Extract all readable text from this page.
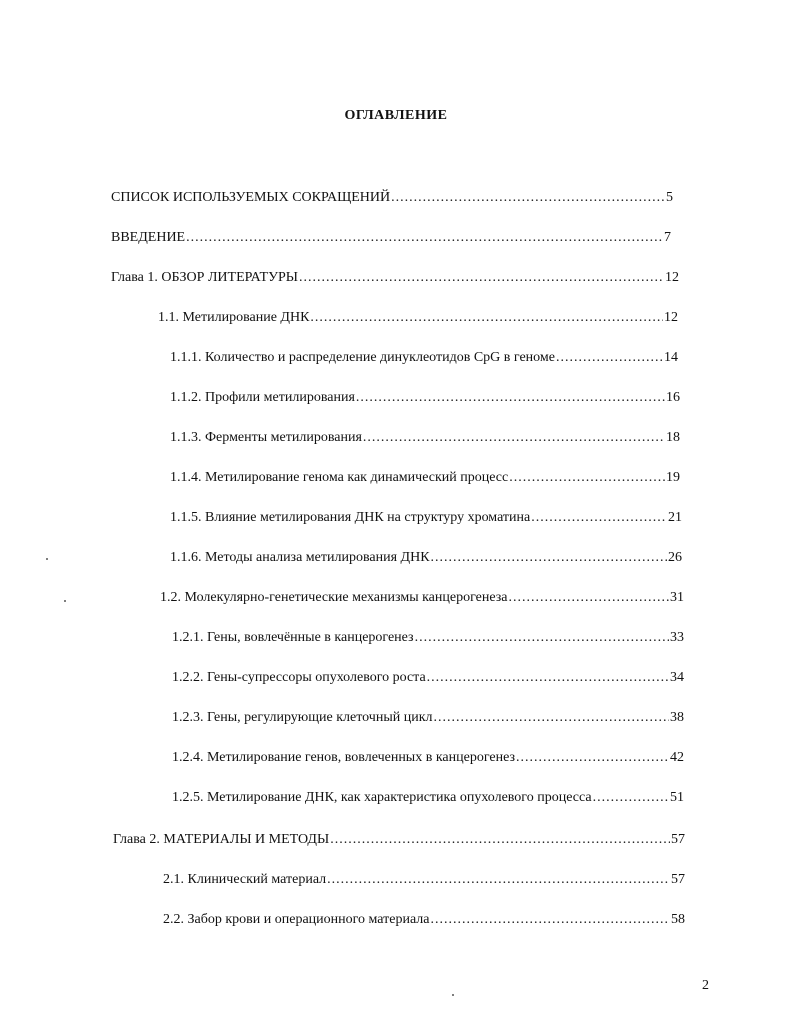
ОГЛАВЛЕНИЕ
СПИСОК ИСПОЛЬЗУЕМЫХ СОКРАЩЕНИЙ .....	5
ВВЕДЕНИЕ .....	7
Глава 1. ОБЗОР ЛИТЕРАТУРЫ .....	12
1.1. Метилирование ДНК .....	12
1.1.1. Количество и распределение динуклеотидов CpG в геноме .....	14
1.1.2. Профили метилирования .....	16
1.1.3. Ферменты метилирования .....	18
1.1.4. Метилирование генома как динамический процесс .....	19
1.1.5. Влияние метилирования ДНК на структуру хроматина .....	21
1.1.6. Методы анализа метилирования ДНК .....	26
1.2. Молекулярно-генетические механизмы канцерогенеза .....	31
1.2.1. Гены, вовлечённые в канцерогенез .....	33
1.2.2. Гены-супрессоры опухолевого роста .....	34
1.2.3. Гены, регулирующие клеточный цикл .....	38
1.2.4. Метилирование генов, вовлеченных в канцерогенез .....	42
1.2.5. Метилирование ДНК, как характеристика опухолевого процесса .....	51
Глава 2. МАТЕРИАЛЫ И МЕТОДЫ .....	57
2.1. Клинический материал .....	57
2.2. Забор крови и операционного материала .....	58
2
